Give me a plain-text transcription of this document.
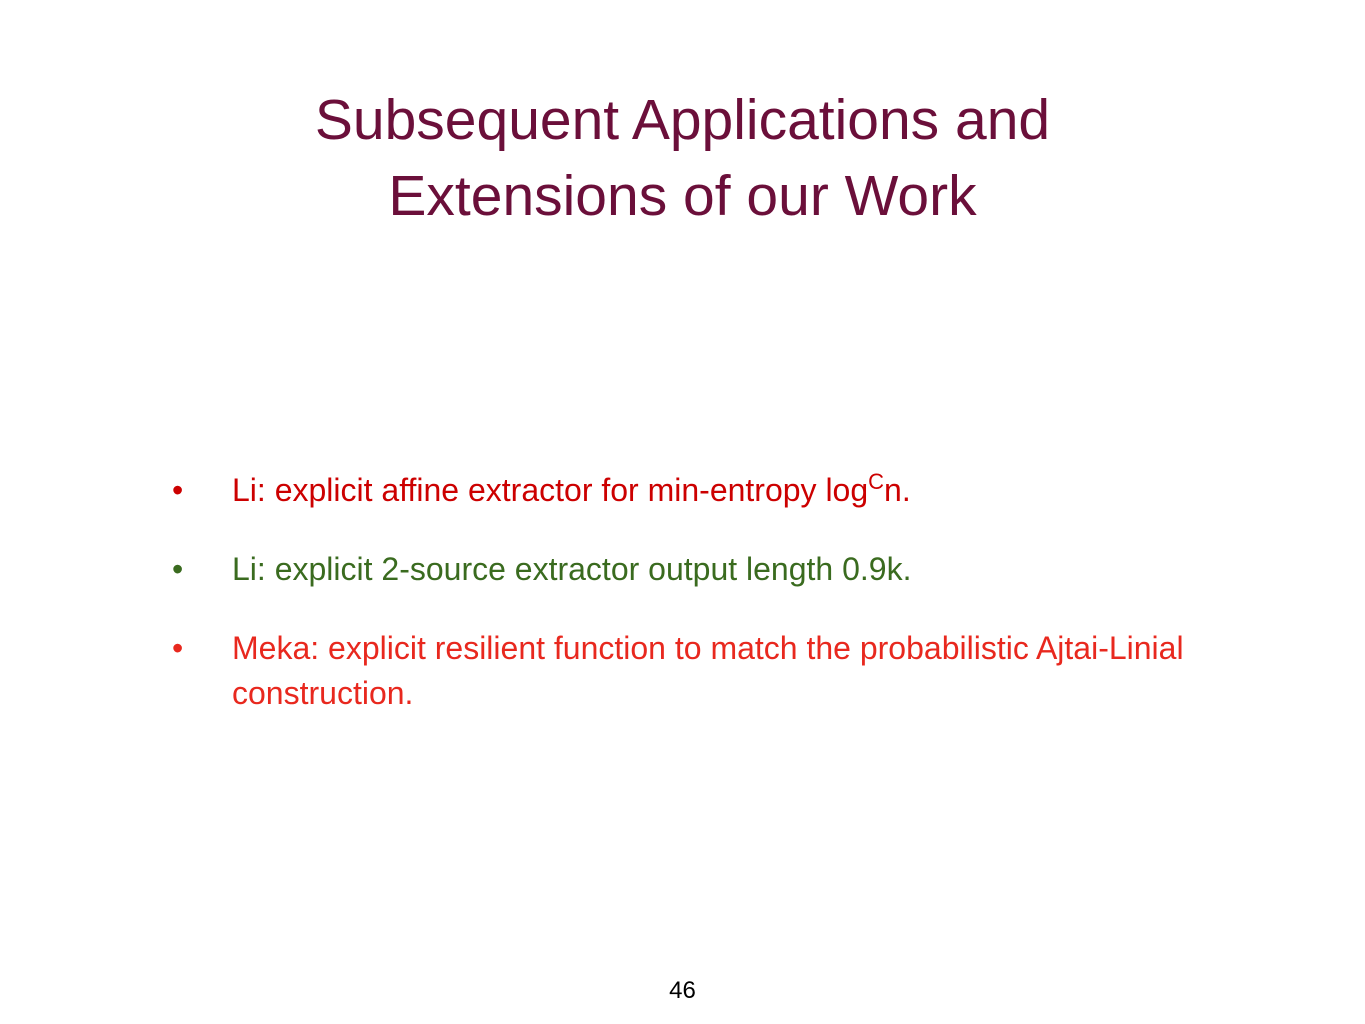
Subsequent Applications and
Extensions of our Work
• Li: explicit affine extractor for min-entropy $\log^Cn$.
• Li: explicit 2-source extractor output length 0.9k.
• Meka: explicit resilient function to match the probabilistic Ajtai-Linial construction.
46
